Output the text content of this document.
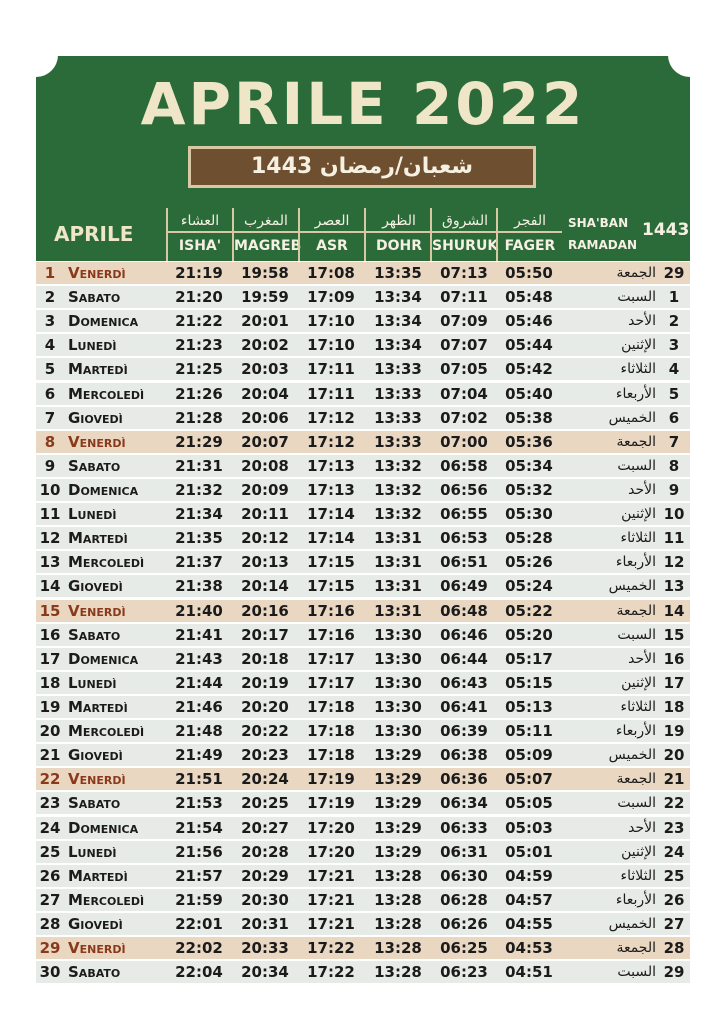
APRILE 2022
1443 شعبان/رمضان
APRILE
العشاء
ISHA'
المغرب
MAGREB
العصر
ASR
الظهر
DOHR
الشروق
SHURUK
الفجر
FAGER
SHA'BAN
RAMADAN
1443
1 Venerdì	21:19	19:58	17:08	13:35	07:13	05:50	الجمعة 29
2 Sabato	21:20	19:59	17:09	13:34	07:11	05:48	السبت 1
3 Domenica	21:22	20:01	17:10	13:34	07:09	05:46	الأحد 2
4 Lunedì	21:23	20:02	17:10	13:34	07:07	05:44	الإثنين 3
5 Martedì	21:25	20:03	17:11	13:33	07:05	05:42	الثلاثاء 4
6 Mercoledì	21:26	20:04	17:11	13:33	07:04	05:40	الأربعاء 5
7 Giovedì	21:28	20:06	17:12	13:33	07:02	05:38	الخميس 6
8 Venerdì	21:29	20:07	17:12	13:33	07:00	05:36	الجمعة 7
9 Sabato	21:31	20:08	17:13	13:32	06:58	05:34	السبت 8
10 Domenica	21:32	20:09	17:13	13:32	06:56	05:32	الأحد 9
11 Lunedì	21:34	20:11	17:14	13:32	06:55	05:30	الإثنين 10
12 Martedì	21:35	20:12	17:14	13:31	06:53	05:28	الثلاثاء 11
13 Mercoledì	21:37	20:13	17:15	13:31	06:51	05:26	الأربعاء 12
14 Giovedì	21:38	20:14	17:15	13:31	06:49	05:24	الخميس 13
15 Venerdì	21:40	20:16	17:16	13:31	06:48	05:22	الجمعة 14
16 Sabato	21:41	20:17	17:16	13:30	06:46	05:20	السبت 15
17 Domenica	21:43	20:18	17:17	13:30	06:44	05:17	الأحد 16
18 Lunedì	21:44	20:19	17:17	13:30	06:43	05:15	الإثنين 17
19 Martedì	21:46	20:20	17:18	13:30	06:41	05:13	الثلاثاء 18
20 Mercoledì	21:48	20:22	17:18	13:30	06:39	05:11	الأربعاء 19
21 Giovedì	21:49	20:23	17:18	13:29	06:38	05:09	الخميس 20
22 Venerdì	21:51	20:24	17:19	13:29	06:36	05:07	الجمعة 21
23 Sabato	21:53	20:25	17:19	13:29	06:34	05:05	السبت 22
24 Domenica	21:54	20:27	17:20	13:29	06:33	05:03	الأحد 23
25 Lunedì	21:56	20:28	17:20	13:29	06:31	05:01	الإثنين 24
26 Martedì	21:57	20:29	17:21	13:28	06:30	04:59	الثلاثاء 25
27 Mercoledì	21:59	20:30	17:21	13:28	06:28	04:57	الأربعاء 26
28 Giovedì	22:01	20:31	17:21	13:28	06:26	04:55	الخميس 27
29 Venerdì	22:02	20:33	17:22	13:28	06:25	04:53	الجمعة 28
30 Sabato	22:04	20:34	17:22	13:28	06:23	04:51	السبت 29
